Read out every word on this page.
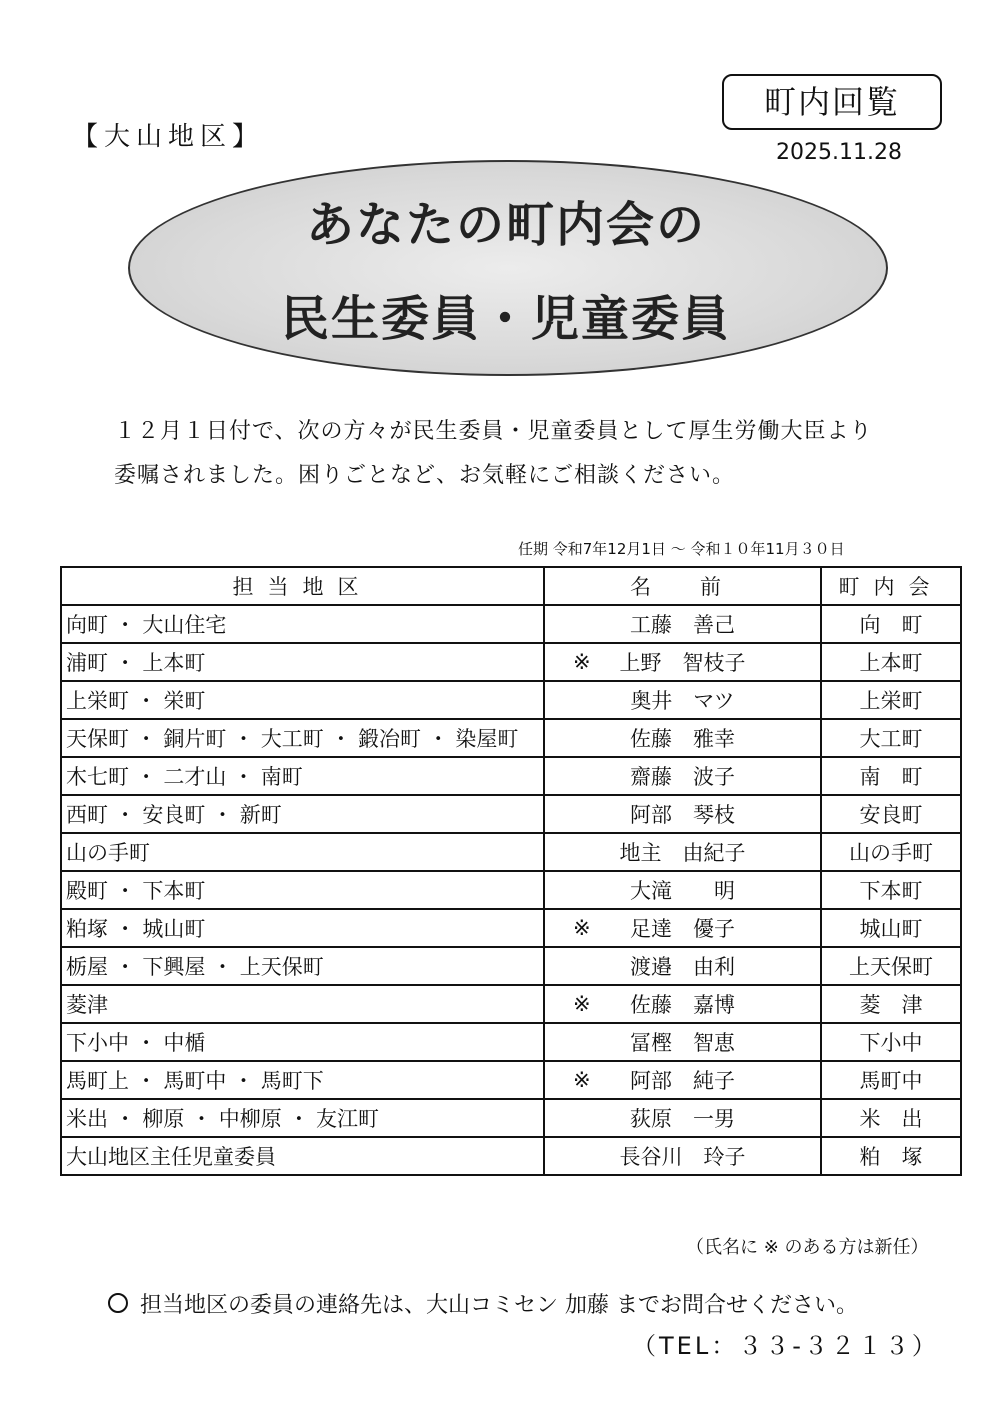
【大山地区】
町内回覧
2025.11.28
あなたの町内会の
民生委員・児童委員
１２月１日付で、次の方々が民生委員・児童委員として厚生労働大臣より
委嘱されました。困りごとなど、お気軽にご相談ください。
任期 令和7年12月1日 ～ 令和１０年11月３０日
担当地区	名　前	町内会
向町 ・ 大山住宅	工藤　善己	向　町
浦町 ・ 上本町	※ 上野　智枝子	上本町
上栄町 ・ 栄町	奥井　マツ	上栄町
天保町 ・ 銅片町 ・ 大工町 ・ 鍛冶町 ・ 染屋町	佐藤　雅幸	大工町
木七町 ・ 二才山 ・ 南町	齋藤　波子	南　町
西町 ・ 安良町 ・ 新町	阿部　琴枝	安良町
山の手町	地主　由紀子	山の手町
殿町 ・ 下本町	大滝　　明	下本町
粕塚 ・ 城山町	※ 足達　優子	城山町
栃屋 ・ 下興屋 ・ 上天保町	渡邉　由利	上天保町
菱津	※ 佐藤　嘉博	菱　津
下小中 ・ 中楯	冨樫　智恵	下小中
馬町上 ・ 馬町中 ・ 馬町下	※ 阿部　純子	馬町中
米出 ・ 柳原 ・ 中柳原 ・ 友江町	荻原　一男	米　出
大山地区主任児童委員	長谷川　玲子	粕　塚
（氏名に ※ のある方は新任）
担当地区の委員の連絡先は、大山コミセン 加藤 までお問合せください。
（TEL：３３-３２１３）
